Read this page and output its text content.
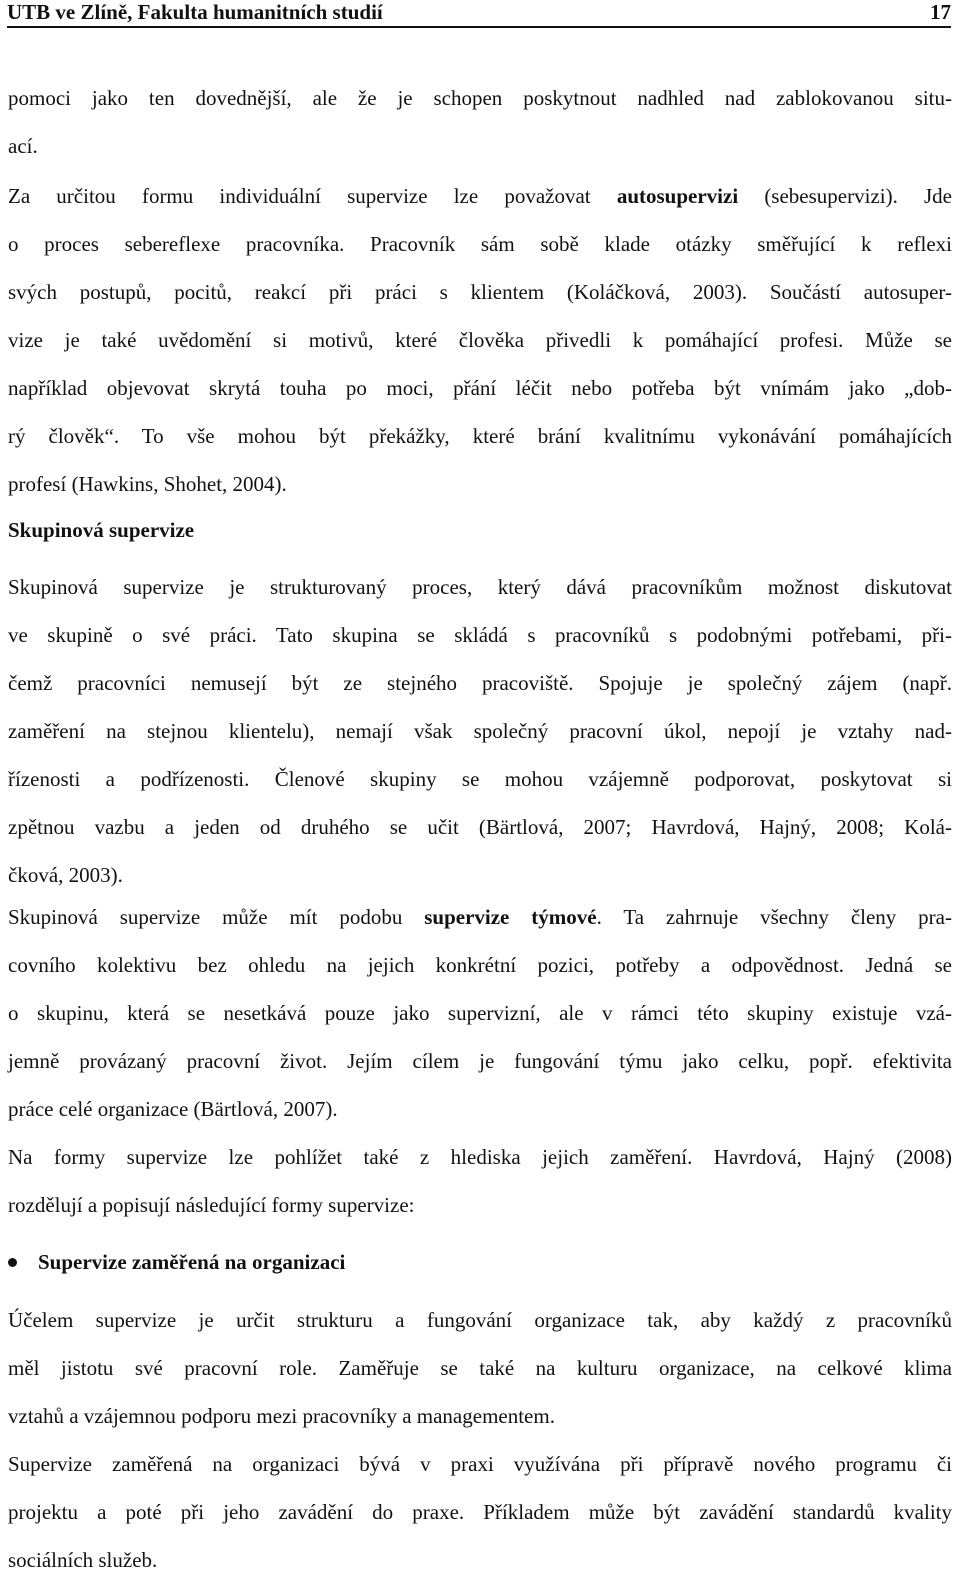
UTB ve Zlíně, Fakulta humanitních studií	17
pomoci jako ten dovednější, ale že je schopen poskytnout nadhled nad zablokovanou situ-
ací.
Za určitou formu individuální supervize lze považovat autosupervizi (sebesupervizi). Jde
o proces sebereflexe pracovníka. Pracovník sám sobě klade otázky směřující k reflexi
svých postupů, pocitů, reakcí při práci s klientem (Koláčková, 2003). Součástí autosuper-
vize je také uvědomění si motivů, které člověka přivedli k pomáhající profesi. Může se
například objevovat skrytá touha po moci, přání léčit nebo potřeba být vnímám jako „dob-
rý člověk“. To vše mohou být překážky, které brání kvalitnímu vykonávání pomáhajících
profesí (Hawkins, Shohet, 2004).
Skupinová supervize
Skupinová supervize je strukturovaný proces, který dává pracovníkům možnost diskutovat
ve skupině o své práci. Tato skupina se skládá s pracovníků s podobnými potřebami, při-
čemž pracovníci nemusejí být ze stejného pracoviště. Spojuje je společný zájem (např.
zaměření na stejnou klientelu), nemají však společný pracovní úkol, nepojí je vztahy nad-
řízenosti a podřízenosti. Členové skupiny se mohou vzájemně podporovat, poskytovat si
zpětnou vazbu a jeden od druhého se učit (Bärtlová, 2007; Havrdová, Hajný, 2008; Kolá-
čková, 2003).
Skupinová supervize může mít podobu supervize týmové. Ta zahrnuje všechny členy pra-
covního kolektivu bez ohledu na jejich konkrétní pozici, potřeby a odpovědnost. Jedná se
o skupinu, která se nesetkává pouze jako supervizní, ale v rámci této skupiny existuje vzá-
jemně provázaný pracovní život. Jejím cílem je fungování týmu jako celku, popř. efektivita
práce celé organizace (Bärtlová, 2007).
Na formy supervize lze pohlížet také z hlediska jejich zaměření. Havrdová, Hajný (2008)
rozdělují a popisují následující formy supervize:
Supervize zaměřená na organizaci
Účelem supervize je určit strukturu a fungování organizace tak, aby každý z pracovníků
měl jistotu své pracovní role. Zaměřuje se také na kulturu organizace, na celkové klima
vztahů a vzájemnou podporu mezi pracovníky a managementem.
Supervize zaměřená na organizaci bývá v praxi využívána při přípravě nového programu či
projektu a poté při jeho zavádění do praxe. Příkladem může být zavádění standardů kvality
sociálních služeb.
